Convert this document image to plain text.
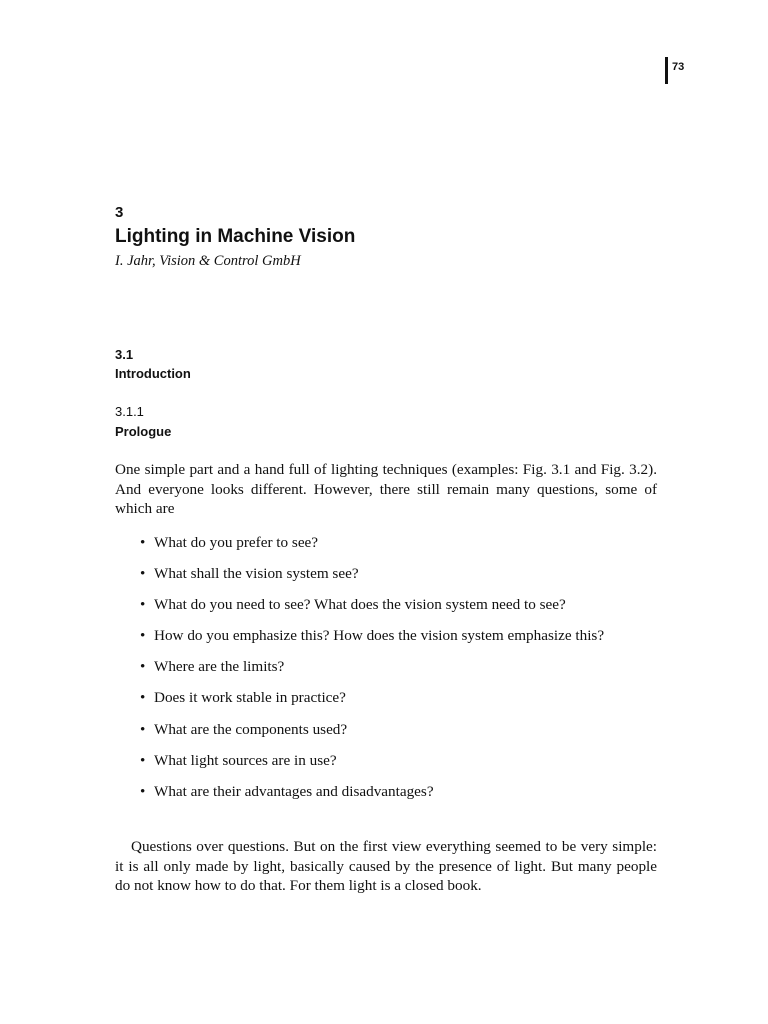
73
3
Lighting in Machine Vision
I. Jahr, Vision & Control GmbH
3.1
Introduction
3.1.1
Prologue

One simple part and a hand full of lighting techniques (examples: Fig. 3.1 and Fig. 3.2). And everyone looks different. However, there still remain many questions, some of which are

• What do you prefer to see?
• What shall the vision system see?
• What do you need to see? What does the vision system need to see?
• How do you emphasize this? How does the vision system emphasize this?
• Where are the limits?
• Does it work stable in practice?
• What are the components used?
• What light sources are in use?
• What are their advantages and disadvantages?

Questions over questions. But on the first view everything seemed to be very simple: it is all only made by light, basically caused by the presence of light. But many people do not know how to do that. For them light is a closed book.
